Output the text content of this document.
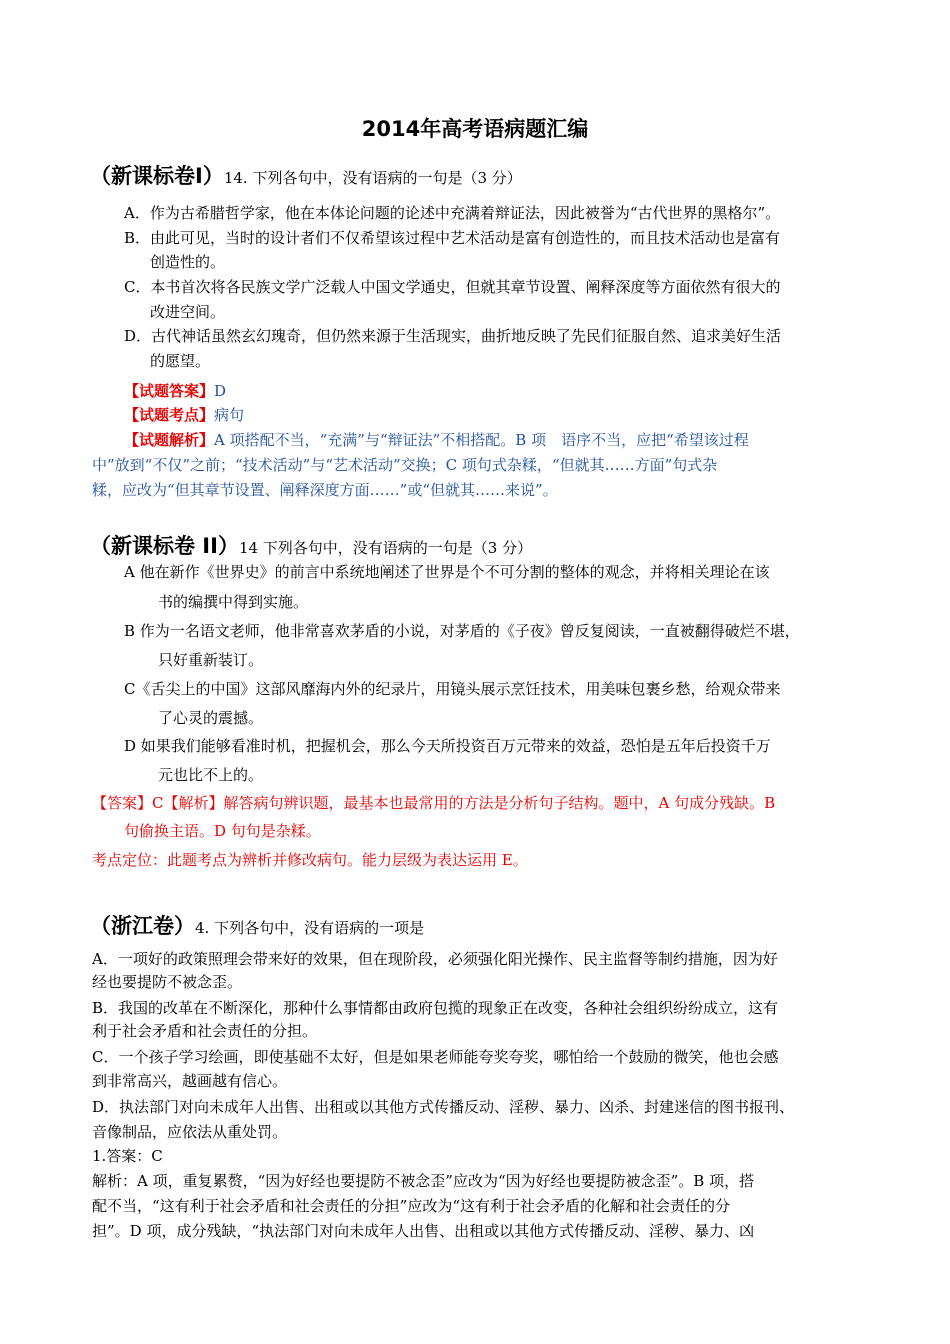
2014年高考语病题汇编
（新课标卷Ⅰ）14. 下列各句中，没有语病的一句是（3 分）
A．作为古希腊哲学家，他在本体论问题的论述中充满着辩证法，因此被誉为“古代世界的黑格尔”。
B．由此可见，当时的设计者们不仅希望该过程中艺术活动是富有创造性的，而且技术活动也是富有
创造性的。
C．本书首次将各民族文学广泛载人中国文学通史，但就其章节设置、阐释深度等方面依然有很大的
改进空间。
D．古代神话虽然玄幻瑰奇，但仍然来源于生活现实，曲折地反映了先民们征服自然、追求美好生活
的愿望。
【试题答案】D
【试题考点】病句
【试题解析】A 项搭配不当，“充满”与“辩证法”不相搭配。B 项　语序不当，应把“希望该过程
中”放到“不仅”之前；“技术活动”与“艺术活动”交换；C 项句式杂糅，“但就其……方面”句式杂
糅，应改为“但其章节设置、阐释深度方面……”或“但就其……来说”。
（新课标卷 II）14 下列各句中，没有语病的一句是（3 分）
A 他在新作《世界史》的前言中系统地阐述了世界是个不可分割的整体的观念，并将相关理论在该
书的编撰中得到实施。
B 作为一名语文老师，他非常喜欢茅盾的小说，对茅盾的《子夜》曾反复阅读，一直被翻得破烂不堪，
只好重新装订。
C《舌尖上的中国》这部风靡海内外的纪录片，用镜头展示烹饪技术，用美味包裹乡愁，给观众带来
了心灵的震撼。
D 如果我们能够看准时机，把握机会，那么今天所投资百万元带来的效益，恐怕是五年后投资千万
元也比不上的。
【答案】C【解析】解答病句辨识题，最基本也最常用的方法是分析句子结构。题中，A 句成分残缺。B
句偷换主语。D 句句是杂糅。
考点定位：此题考点为辨析并修改病句。能力层级为表达运用 E。
（浙江卷）4. 下列各句中，没有语病的一项是
A．一项好的政策照理会带来好的效果，但在现阶段，必须强化阳光操作、民主监督等制约措施，因为好
经也要提防不被念歪。
B．我国的改革在不断深化，那种什么事情都由政府包揽的现象正在改变，各种社会组织纷纷成立，这有
利于社会矛盾和社会责任的分担。
C．一个孩子学习绘画，即使基础不太好，但是如果老师能夸奖夸奖，哪怕给一个鼓励的微笑，他也会感
到非常高兴，越画越有信心。
D．执法部门对向未成年人出售、出租或以其他方式传播反动、淫秽、暴力、凶杀、封建迷信的图书报刊、
音像制品，应依法从重处罚。
1.答案：C
解析：A 项，重复累赘，“因为好经也要提防不被念歪”应改为“因为好经也要提防被念歪”。B 项，搭
配不当，“这有利于社会矛盾和社会责任的分担”应改为“这有利于社会矛盾的化解和社会责任的分
担”。D 项，成分残缺，“执法部门对向未成年人出售、出租或以其他方式传播反动、淫秽、暴力、凶
